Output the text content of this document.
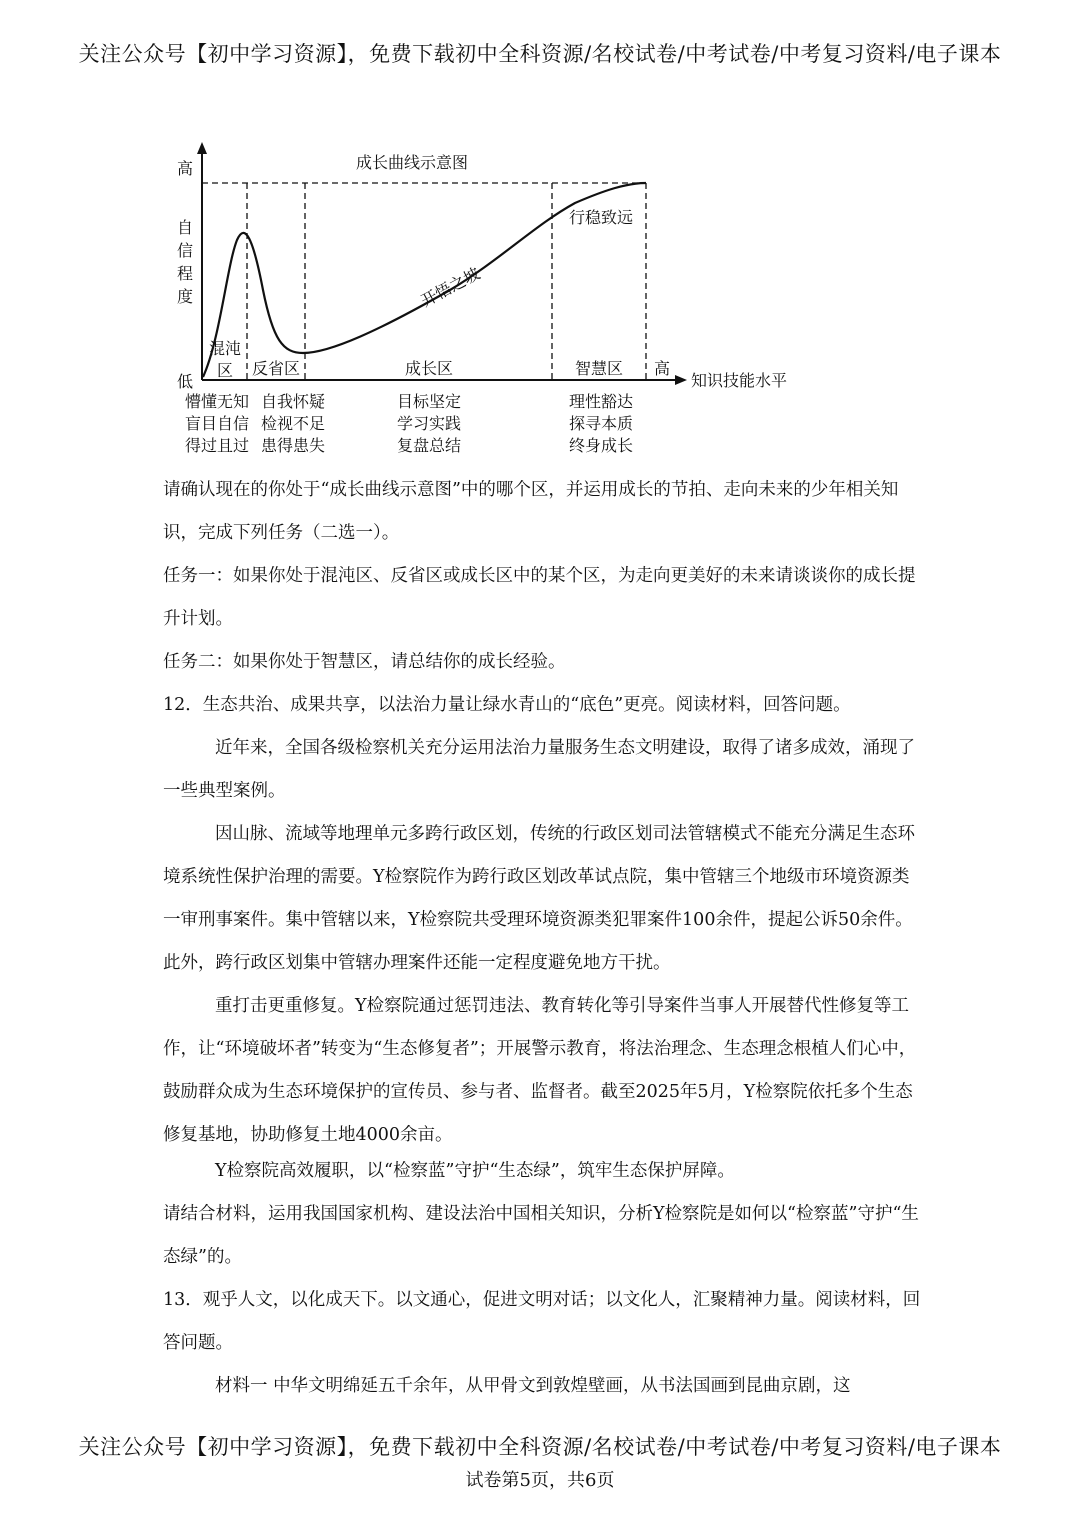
关注公众号【初中学习资源】，免费下载初中全科资源/名校试卷/中考试卷/中考复习资料/电子课本
成长曲线示意图
高
低
自
信
程
度
高
知识技能水平
混沌
区 反省区	成长区	智慧区
开悟之坡
行稳致远
懵懂无知
盲目自信
得过且过
自我怀疑
检视不足
患得患失
目标坚定
学习实践
复盘总结
理性豁达
探寻本质
终身成长

请确认现在的你处于“成长曲线示意图”中的哪个区，并运用成长的节拍、走向未来的少年相关知识，完成下列任务（二选一）。

任务一：如果你处于混沌区、反省区或成长区中的某个区，为走向更美好的未来请谈谈你的成长提升计划。

任务二：如果你处于智慧区，请总结你的成长经验。

12．生态共治、成果共享，以法治力量让绿水青山的“底色”更亮。阅读材料，回答问题。

近年来，全国各级检察机关充分运用法治力量服务生态文明建设，取得了诸多成效，涌现了一些典型案例。

因山脉、流域等地理单元多跨行政区划，传统的行政区划司法管辖模式不能充分满足生态环境系统性保护治理的需要。Y检察院作为跨行政区划改革试点院，集中管辖三个地级市环境资源类一审刑事案件。集中管辖以来，Y检察院共受理环境资源类犯罪案件100余件，提起公诉50余件。此外，跨行政区划集中管辖办理案件还能一定程度避免地方干扰。

重打击更重修复。Y检察院通过惩罚违法、教育转化等引导案件当事人开展替代性修复等工作，让“环境破坏者”转变为“生态修复者”；开展警示教育，将法治理念、生态理念根植人们心中，鼓励群众成为生态环境保护的宣传员、参与者、监督者。截至2025年5月，Y检察院依托多个生态修复基地，协助修复土地4000余亩。

Y检察院高效履职，以“检察蓝”守护“生态绿”，筑牢生态保护屏障。

请结合材料，运用我国国家机构、建设法治中国相关知识，分析Y检察院是如何以“检察蓝”守护“生态绿”的。

13．观乎人文，以化成天下。以文通心，促进文明对话；以文化人，汇聚精神力量。阅读材料，回答问题。

材料一 中华文明绵延五千余年，从甲骨文到敦煌壁画，从书法国画到昆曲京剧，这

关注公众号【初中学习资源】，免费下载初中全科资源/名校试卷/中考试卷/中考复习资料/电子课本
试卷第5页，共6页
